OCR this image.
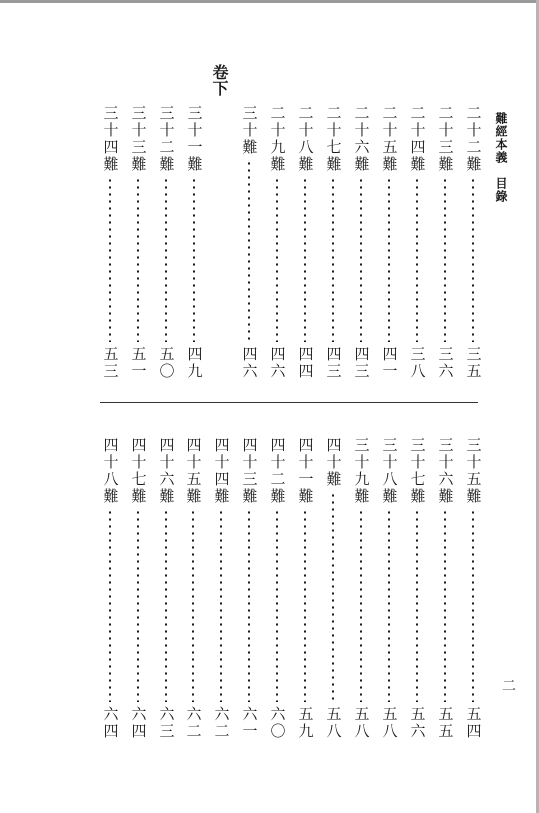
難經本義　目錄
卷下
二十二難
三五
二十三難
三六
二十四難
三八
二十五難
四一
二十六難
四三
二十七難
四三
二十八難
四四
二十九難
四六
三十難
四六
三十一難
四九
三十二難
五〇
三十三難
五一
三十四難
五三
三十五難
五四
三十六難
五五
三十七難
五六
三十八難
五八
三十九難
五八
四十難
五八
四十一難
五九
四十二難
六〇
四十三難
六一
四十四難
六二
四十五難
六二
四十六難
六三
四十七難
六四
四十八難
六四
二
